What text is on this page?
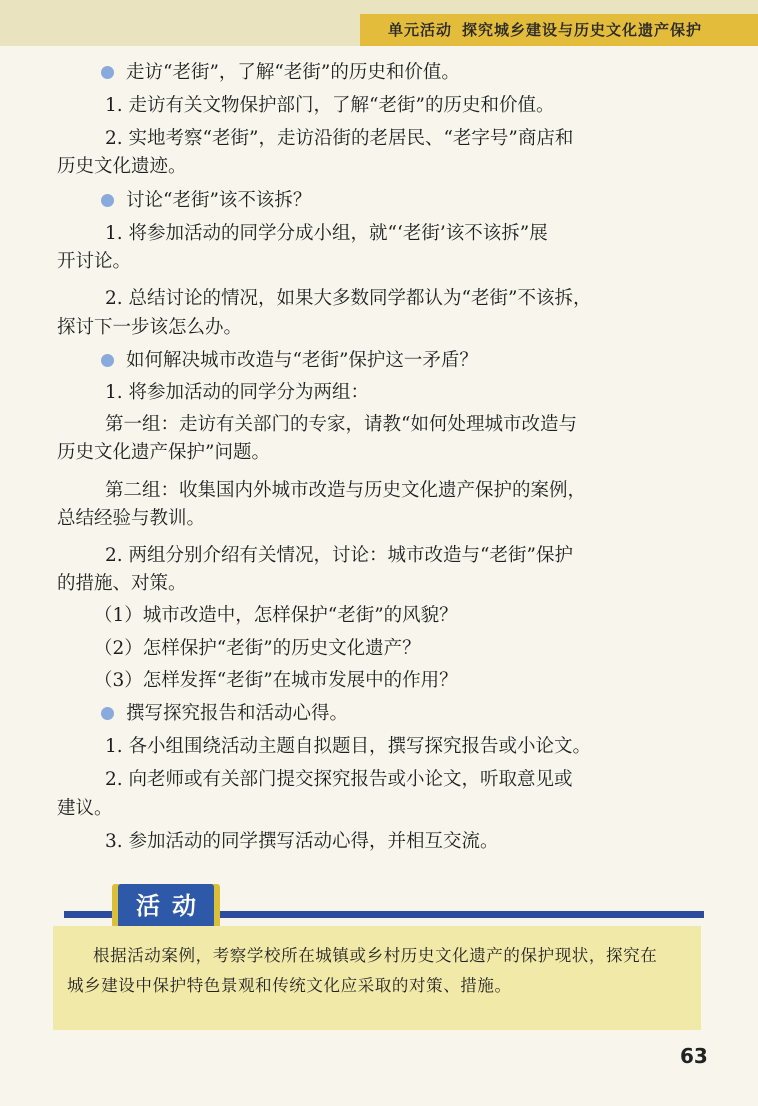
单元活动 探究城乡建设与历史文化遗产保护
走访“老街”，了解“老街”的历史和价值。
1. 走访有关文物保护部门，了解“老街”的历史和价值。
2. 实地考察“老街”，走访沿街的老居民、“老字号”商店和
历史文化遗迹。
讨论“老街”该不该拆？
1. 将参加活动的同学分成小组，就“‘老街’该不该拆”展
开讨论。
2. 总结讨论的情况，如果大多数同学都认为“老街”不该拆，
探讨下一步该怎么办。
如何解决城市改造与“老街”保护这一矛盾？
1. 将参加活动的同学分为两组：
第一组：走访有关部门的专家，请教“如何处理城市改造与
历史文化遗产保护”问题。
第二组：收集国内外城市改造与历史文化遗产保护的案例，
总结经验与教训。
2. 两组分别介绍有关情况，讨论：城市改造与“老街”保护
的措施、对策。
（1）城市改造中，怎样保护“老街”的风貌？
（2）怎样保护“老街”的历史文化遗产？
（3）怎样发挥“老街”在城市发展中的作用？
撰写探究报告和活动心得。
1. 各小组围绕活动主题自拟题目，撰写探究报告或小论文。
2. 向老师或有关部门提交探究报告或小论文，听取意见或
建议。
3. 参加活动的同学撰写活动心得，并相互交流。
活动
根据活动案例，考察学校所在城镇或乡村历史文化遗产的保护现状，探究在
城乡建设中保护特色景观和传统文化应采取的对策、措施。
63
